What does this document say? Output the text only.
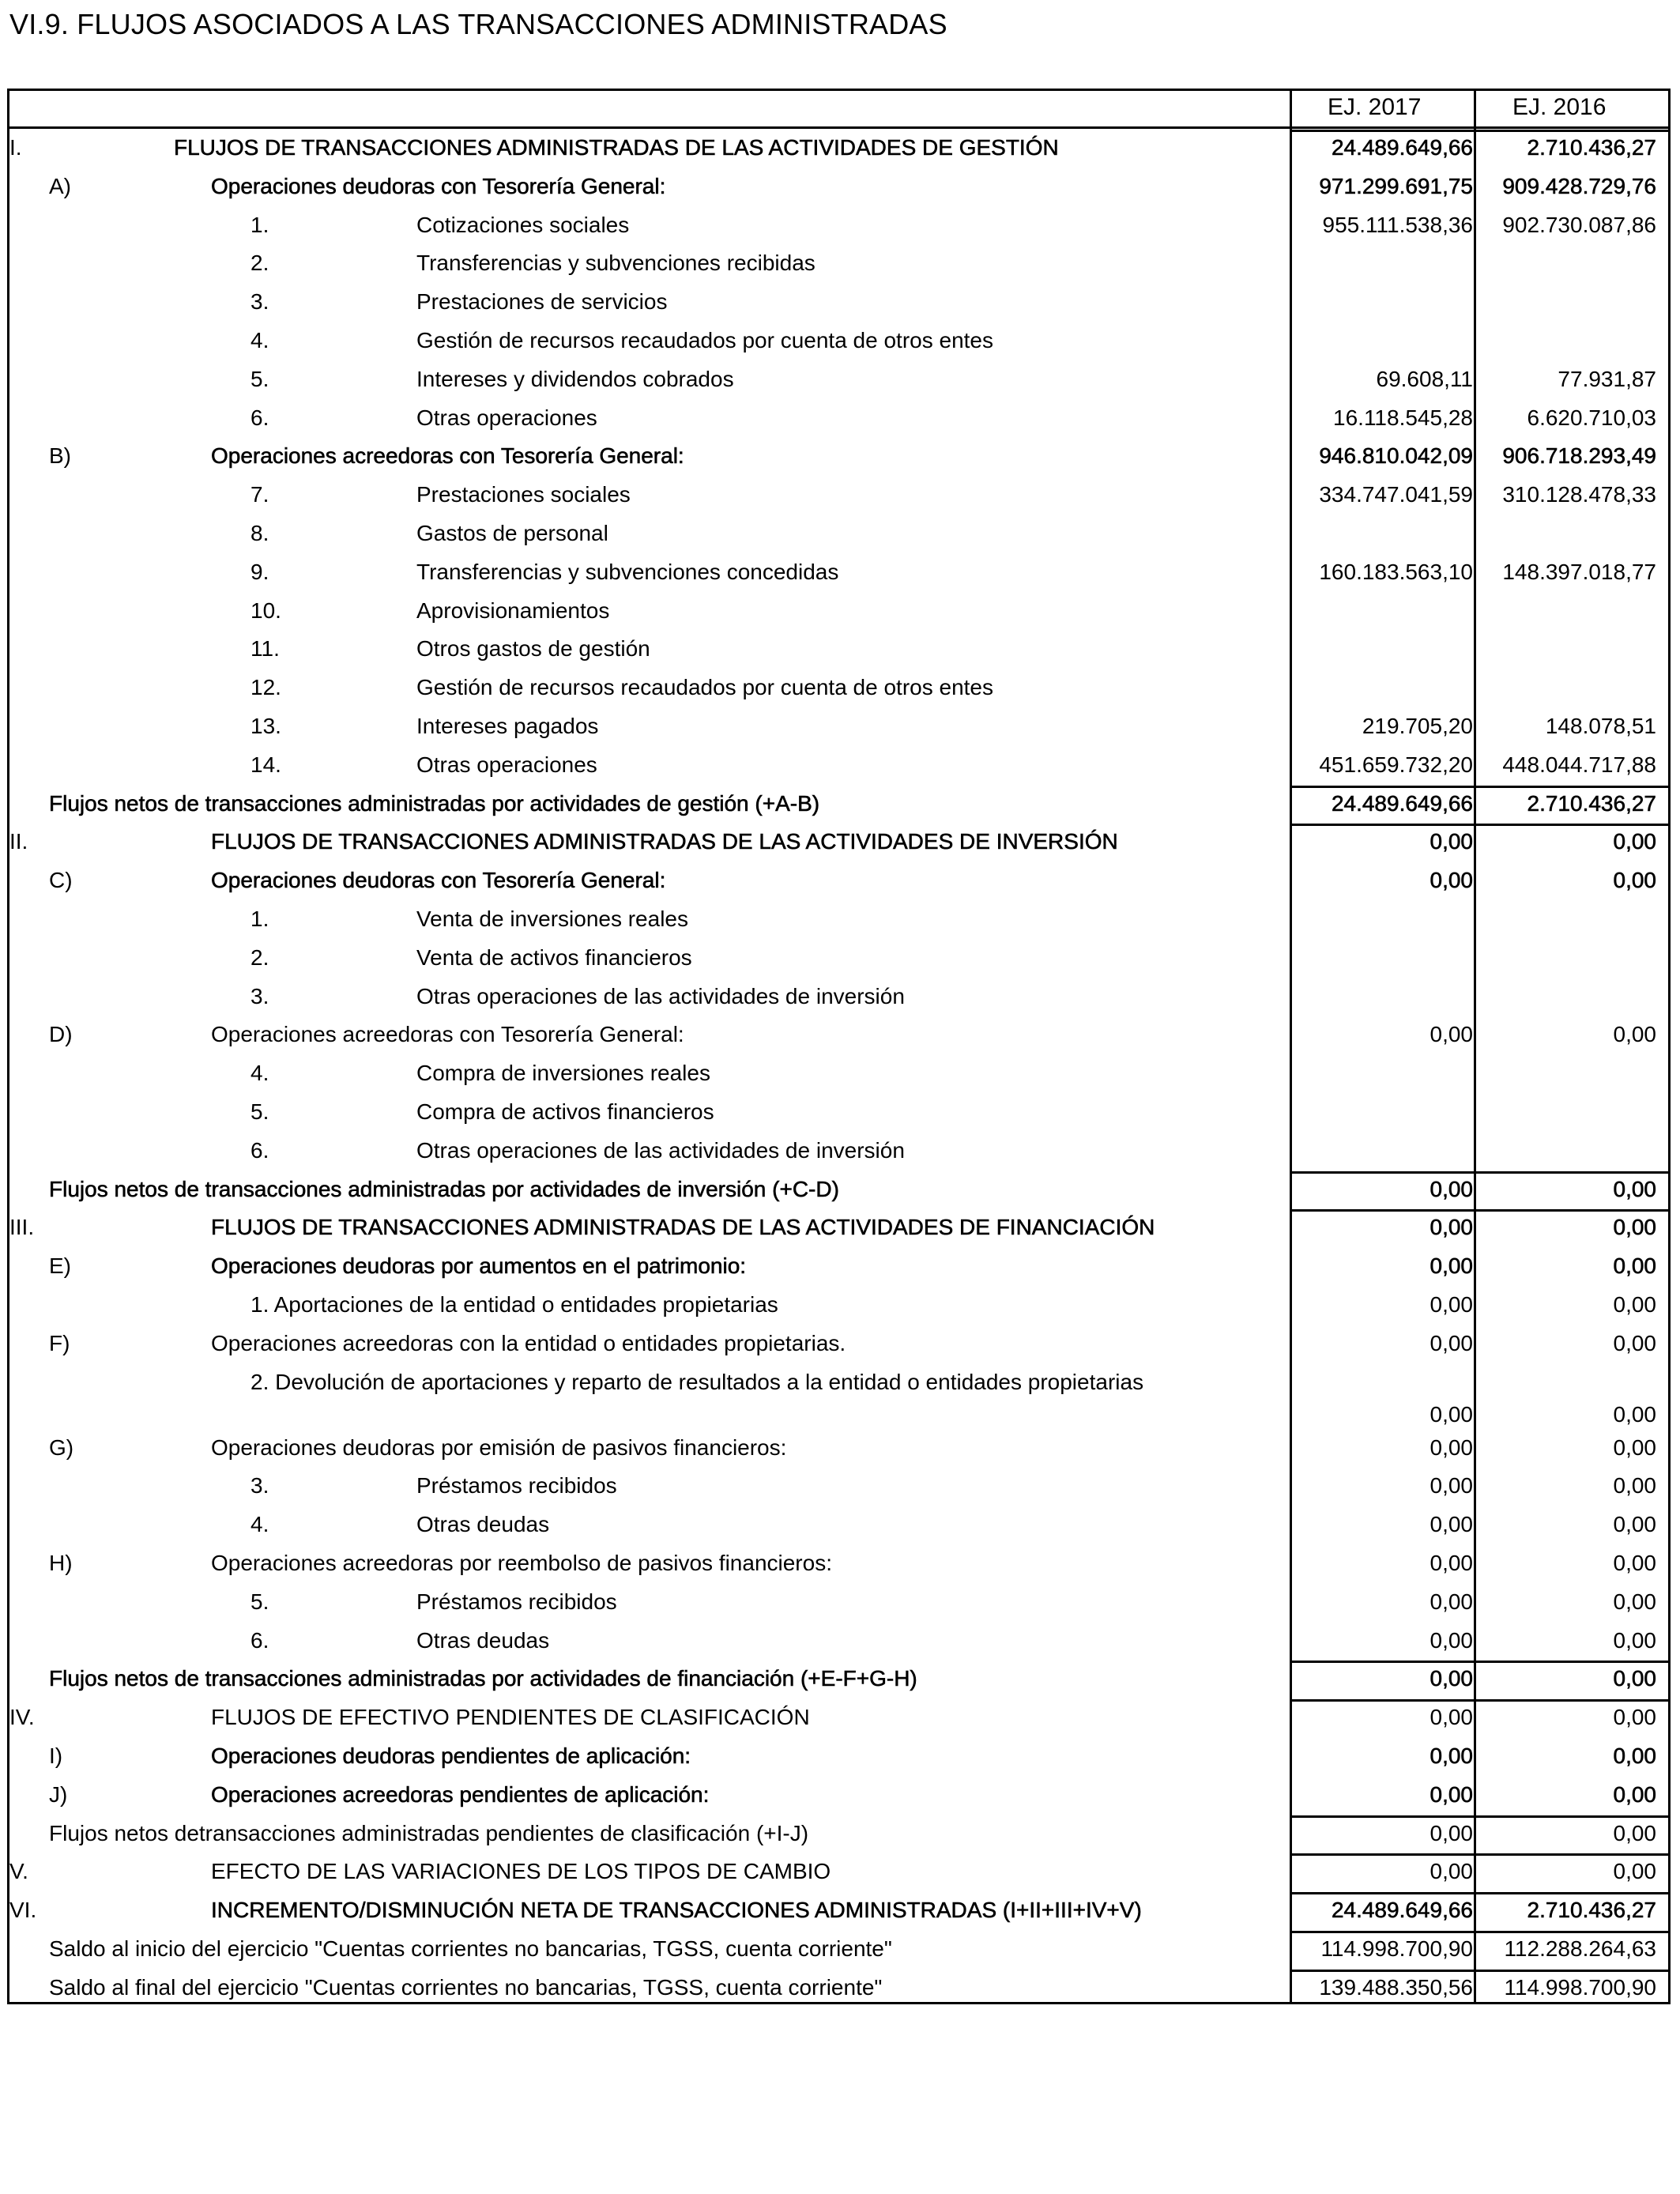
VI.9. FLUJOS ASOCIADOS A LAS TRANSACCIONES ADMINISTRADAS
EJ. 2017	EJ. 2016
I.	FLUJOS DE TRANSACCIONES ADMINISTRADAS DE LAS ACTIVIDADES DE GESTIÓN	24.489.649,66	2.710.436,27
A)	Operaciones deudoras con Tesorería General:	971.299.691,75	909.428.729,76
1.	Cotizaciones sociales	955.111.538,36	902.730.087,86
2.	Transferencias y subvenciones recibidas
3.	Prestaciones de servicios
4.	Gestión de recursos recaudados por cuenta de otros entes
5.	Intereses y dividendos cobrados	69.608,11	77.931,87
6.	Otras operaciones	16.118.545,28	6.620.710,03
B)	Operaciones acreedoras con Tesorería General:	946.810.042,09	906.718.293,49
7.	Prestaciones sociales	334.747.041,59	310.128.478,33
8.	Gastos de personal
9.	Transferencias y subvenciones concedidas	160.183.563,10	148.397.018,77
10.	Aprovisionamientos
11.	Otros gastos de gestión
12.	Gestión de recursos recaudados por cuenta de otros entes
13.	Intereses pagados	219.705,20	148.078,51
14.	Otras operaciones	451.659.732,20	448.044.717,88
Flujos netos de transacciones administradas por actividades de gestión (+A-B)	24.489.649,66	2.710.436,27
II.	FLUJOS DE TRANSACCIONES ADMINISTRADAS DE LAS ACTIVIDADES DE INVERSIÓN	0,00	0,00
C)	Operaciones deudoras con Tesorería General:	0,00	0,00
1.	Venta de inversiones reales
2.	Venta de activos financieros
3.	Otras operaciones de las actividades de inversión
D)	Operaciones acreedoras con Tesorería General:	0,00	0,00
4.	Compra de inversiones reales
5.	Compra de activos financieros
6.	Otras operaciones de las actividades de inversión
Flujos netos de transacciones administradas por actividades de inversión (+C-D)	0,00	0,00
III.	FLUJOS DE TRANSACCIONES ADMINISTRADAS DE LAS ACTIVIDADES DE FINANCIACIÓN	0,00	0,00
E)	Operaciones deudoras por aumentos en el patrimonio:	0,00	0,00
1. Aportaciones de la entidad o entidades propietarias	0,00	0,00
F)	Operaciones acreedoras con la entidad o entidades propietarias.	0,00	0,00
2. Devolución de aportaciones y reparto de resultados a la entidad o entidades propietarias
0,00	0,00
G)	Operaciones deudoras por emisión de pasivos financieros:	0,00	0,00
3.	Préstamos recibidos	0,00	0,00
4.	Otras deudas	0,00	0,00
H)	Operaciones acreedoras por reembolso de pasivos financieros:	0,00	0,00
5.	Préstamos recibidos	0,00	0,00
6.	Otras deudas	0,00	0,00
Flujos netos de transacciones administradas por actividades de financiación (+E-F+G-H)	0,00	0,00
IV.	FLUJOS DE EFECTIVO PENDIENTES DE CLASIFICACIÓN	0,00	0,00
I)	Operaciones deudoras pendientes de aplicación:	0,00	0,00
J)	Operaciones acreedoras pendientes de aplicación:	0,00	0,00
Flujos netos detransacciones administradas pendientes de clasificación (+I-J)	0,00	0,00
V.	EFECTO DE LAS VARIACIONES DE LOS TIPOS DE CAMBIO	0,00	0,00
VI.	INCREMENTO/DISMINUCIÓN NETA DE TRANSACCIONES ADMINISTRADAS (I+II+III+IV+V)	24.489.649,66	2.710.436,27
Saldo al inicio del ejercicio "Cuentas corrientes no bancarias, TGSS, cuenta corriente"	114.998.700,90	112.288.264,63
Saldo al final del ejercicio "Cuentas corrientes no bancarias, TGSS, cuenta corriente"	139.488.350,56	114.998.700,90
